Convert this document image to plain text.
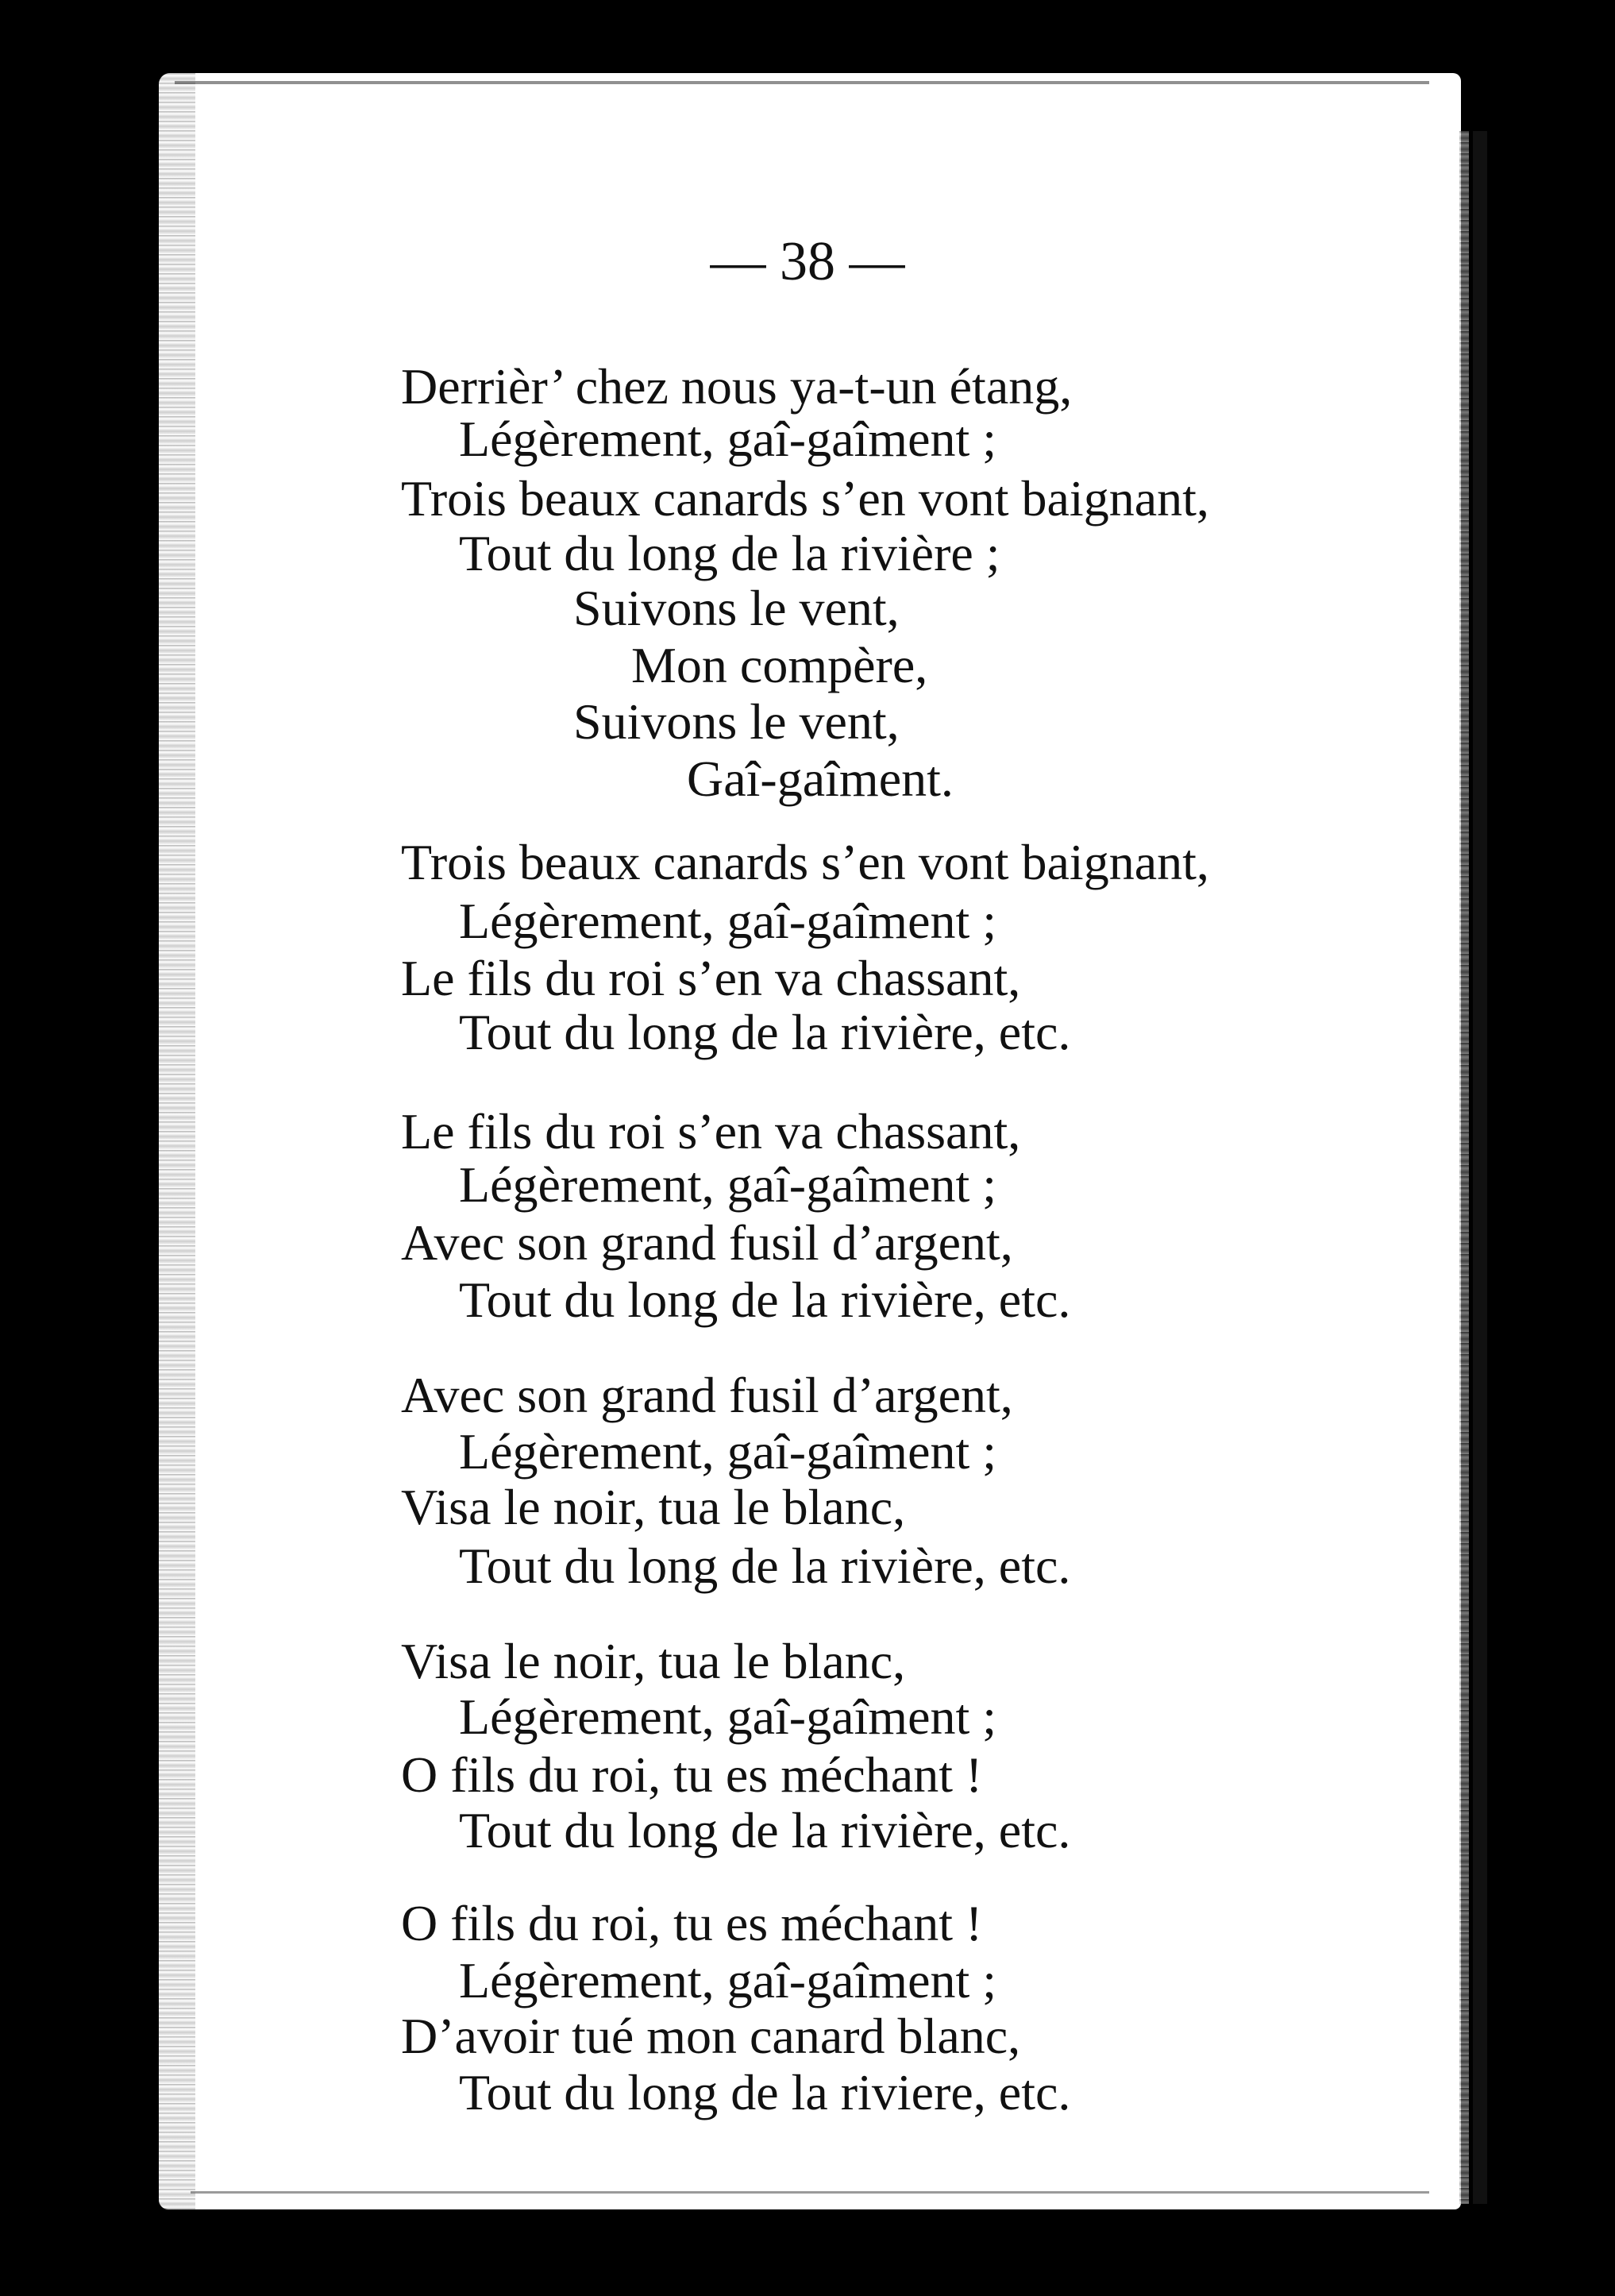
— 38 —
Derrièr’ chez nous ya-t-un étang,
Légèrement, gaî-gaîment ;
Trois beaux canards s’en vont baignant,
Tout du long de la rivière ;
Suivons le vent,
Mon compère,
Suivons le vent,
Gaî-gaîment.
Trois beaux canards s’en vont baignant,
Légèrement, gaî-gaîment ;
Le fils du roi s’en va chassant,
Tout du long de la rivière, etc.
Le fils du roi s’en va chassant,
Légèrement, gaî-gaîment ;
Avec son grand fusil d’argent,
Tout du long de la rivière, etc.
Avec son grand fusil d’argent,
Légèrement, gaî-gaîment ;
Visa le noir, tua le blanc,
Tout du long de la rivière, etc.
Visa le noir, tua le blanc,
Légèrement, gaî-gaîment ;
O fils du roi, tu es méchant !
Tout du long de la rivière, etc.
O fils du roi, tu es méchant !
Légèrement, gaî-gaîment ;
D’avoir tué mon canard blanc,
Tout du long de la riviere, etc.
